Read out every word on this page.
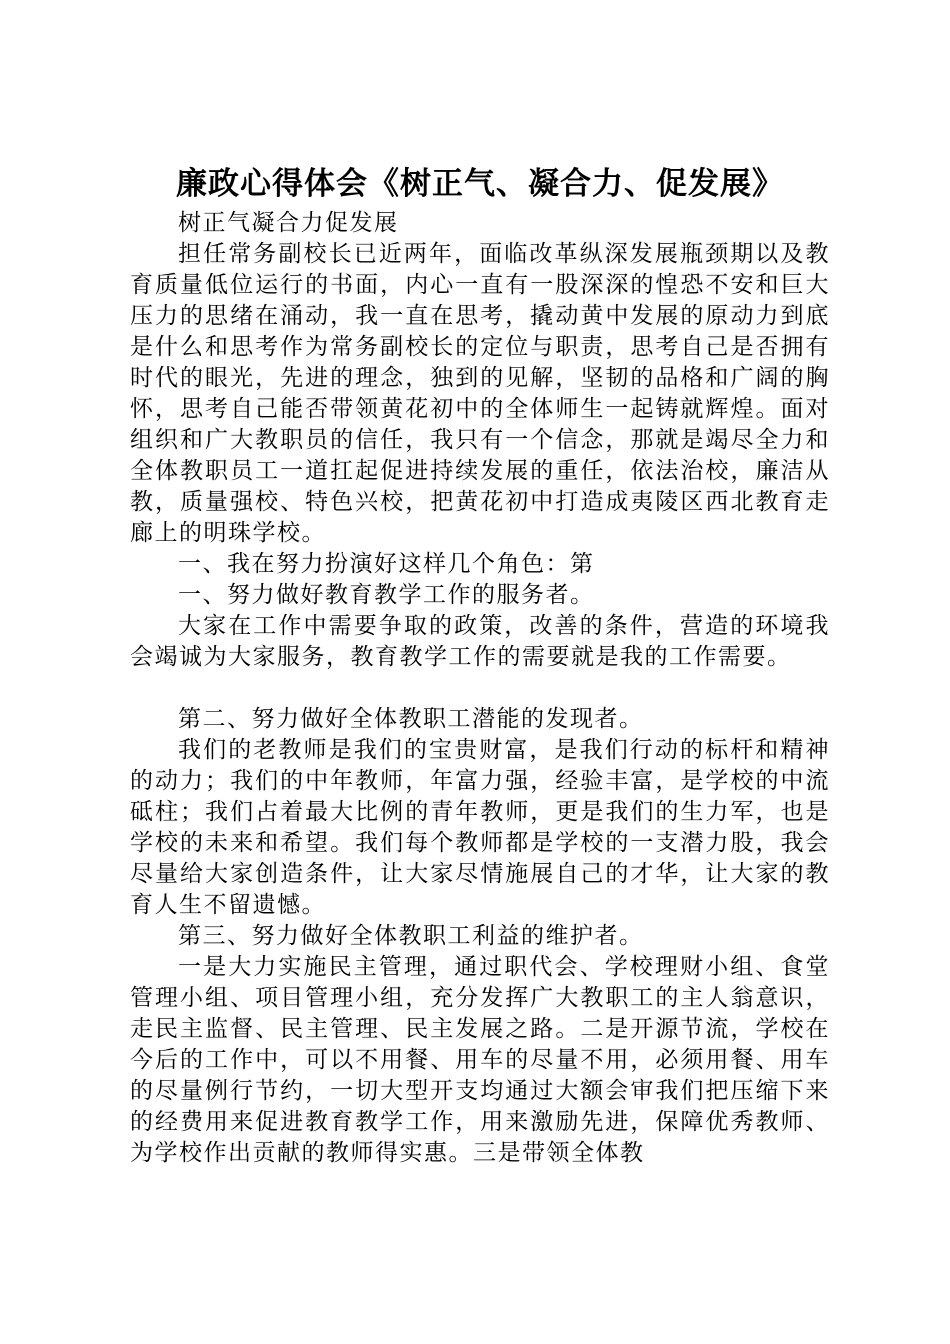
廉政心得体会《树正气、凝合力、促发展》

树正气凝合力促发展

担任常务副校长已近两年，面临改革纵深发展瓶颈期以及教育质量低位运行的书面，内心一直有一股深深的惶恐不安和巨大压力的思绪在涌动，我一直在思考，撬动黄中发展的原动力到底是什么和思考作为常务副校长的定位与职责，思考自己是否拥有时代的眼光，先进的理念，独到的见解，坚韧的品格和广阔的胸怀，思考自己能否带领黄花初中的全体师生一起铸就辉煌。面对组织和广大教职员的信任，我只有一个信念，那就是竭尽全力和全体教职员工一道扛起促进持续发展的重任，依法治校，廉洁从教，质量强校、特色兴校，把黄花初中打造成夷陵区西北教育走廊上的明珠学校。

一、我在努力扮演好这样几个角色：第

一、努力做好教育教学工作的服务者。

大家在工作中需要争取的政策，改善的条件，营造的环境我会竭诚为大家服务，教育教学工作的需要就是我的工作需要。

第二、努力做好全体教职工潜能的发现者。

我们的老教师是我们的宝贵财富，是我们行动的标杆和精神的动力；我们的中年教师，年富力强，经验丰富，是学校的中流砥柱；我们占着最大比例的青年教师，更是我们的生力军，也是学校的未来和希望。我们每个教师都是学校的一支潜力股，我会尽量给大家创造条件，让大家尽情施展自己的才华，让大家的教育人生不留遗憾。

第三、努力做好全体教职工利益的维护者。

一是大力实施民主管理，通过职代会、学校理财小组、食堂管理小组、项目管理小组，充分发挥广大教职工的主人翁意识，走民主监督、民主管理、民主发展之路。二是开源节流，学校在今后的工作中，可以不用餐、用车的尽量不用，必须用餐、用车的尽量例行节约，一切大型开支均通过大额会审我们把压缩下来的经费用来促进教育教学工作，用来激励先进，保障优秀教师、为学校作出贡献的教师得实惠。三是带领全体教
